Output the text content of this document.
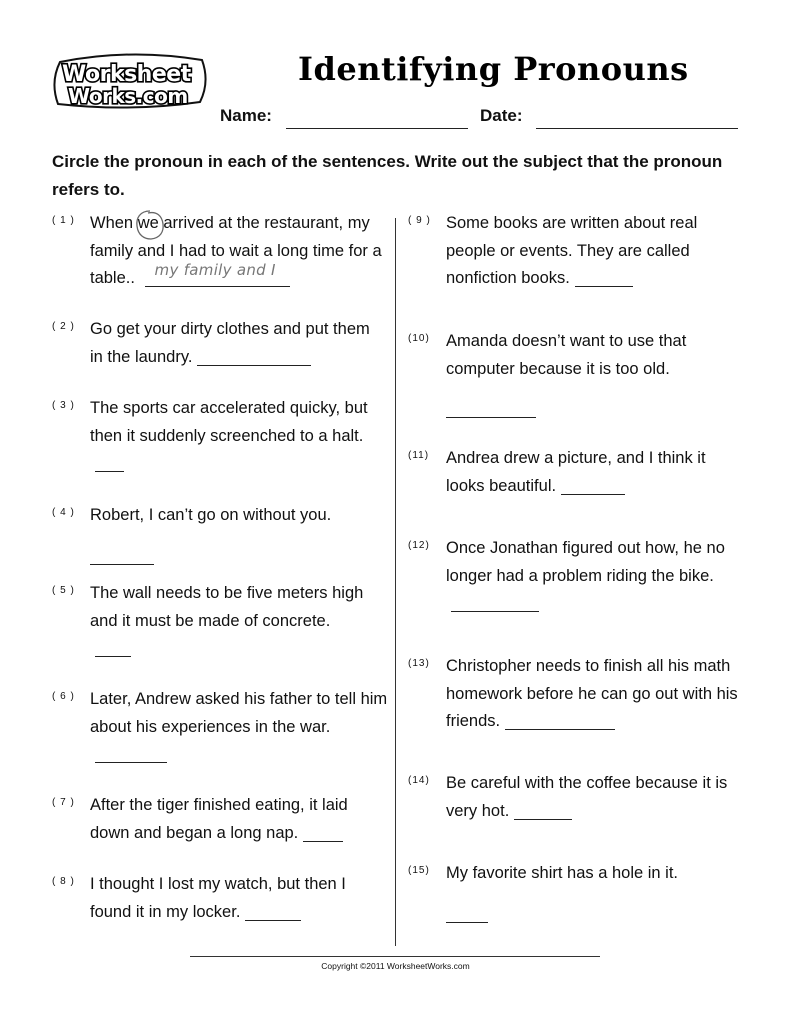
Worksheet
Works.com
Identifying Pronouns
Name:	Date:

Circle the pronoun in each of the sentences. Write out the subject that the pronoun refers to.

( 1 ) When we arrived at the restaurant, my family and I had to wait a long time for a table.. my family and I
( 2 ) Go get your dirty clothes and put them in the laundry.
( 3 ) The sports car accelerated quicky, but then it suddenly screenched to a halt.
( 4 ) Robert, I can’t go on without you.
( 5 ) The wall needs to be five meters high and it must be made of concrete.
( 6 ) Later, Andrew asked his father to tell him about his experiences in the war.
( 7 ) After the tiger finished eating, it laid down and began a long nap.
( 8 ) I thought I lost my watch, but then I found it in my locker.
( 9 ) Some books are written about real people or events. They are called nonfiction books.
(10) Amanda doesn’t want to use that computer because it is too old.
(11) Andrea drew a picture, and I think it looks beautiful.
(12) Once Jonathan figured out how, he no longer had a problem riding the bike.
(13) Christopher needs to finish all his math homework before he can go out with his friends.
(14) Be careful with the coffee because it is very hot.
(15) My favorite shirt has a hole in it.
Copyright ©2011 WorksheetWorks.com
